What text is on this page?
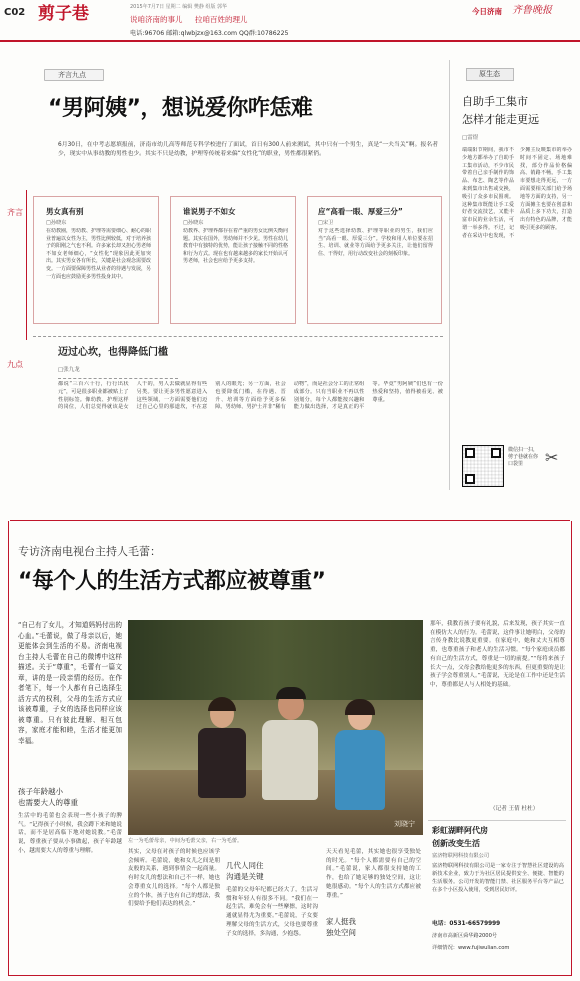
C02 剪子巷	2015年7月7日 星期二 编辑 樊静 组版 郭华
说咱济南的事儿 拉咱百姓的理儿
电话:96706 邮箱:qlwbjzx@163.com QQ群:10786225
今日济南 齐鲁晚报
齐言九点
“男阿姨”，想说爱你咋恁难
6月30日，在中考志愿填报前，济南市幼儿高等师范专科学校进行了面试，首日有300人前来测试，其中只有一个男生，真是“一夫当关”啊。报名者少，现实中从事幼教的男性也少。其实不只是幼教，护理等传统着来偏“女性化”的职业，男性都很紧俏。
齐言
九点
男女真有别
□孙晓东
在幼教圈，男幼教、护理等需要细心、耐心的职业普遍以女性为主，男性比例较低，对于培养孩子的阳刚之气也不利。许多家长却又担心男老师不如女老师细心，“女性化”现象因此更加突出。其实男女各有所长，关键是社会观念需要改变。一方面要保障男性从业者的待遇与发展，另一方面也应鼓励更多男性投身其中。
谁说男子不如女
□孙晓东
幼教界、护理界都存在着严重的男女比例失衡问题。其实在国外，男幼师并不少见。男性在幼儿教育中有独特的优势，能让孩子接触不同的性格和行为方式。现在也有越来越多的家长开始认可男老师，社会也应给予更多支持。
应“高看一眼、厚爱三分”
□宋卫
对于这些选择幼教、护理等职业的男生，我们应当“高看一眼、厚爱三分”。学校和用人单位要在招生、培训、就业等方面给予更多关注，让他们留得住、干得好，用行动改变社会的刻板印象。
迈过心坎，也得降低门槛
□张九龙
都说“三百六十行，行行出状元”，可是很多职业都被贴上了性别标签。像幼教、护理这样的岗位，人们总觉得就该是女人干的，男人去做就显得有些另类。要让更多男性愿意进入这些领域，一方面需要他们迈过自己心里的那道坎，不在意别人的眼光；另一方面，社会也要降低门槛，在待遇、晋升、培训等方面给予更多保障。男幼师、男护士并非“稀有动物”，而是社会分工的正常组成部分。只有当职业不再以性别划分，每个人都能按兴趣和能力做出选择，才是真正的平等。毕竟“男阿姨”们也有一份热爱和坚持，值得被看见、被尊重。
原生态
自助手工集市
怎样才能走更远
□雷煜
端端阳节期间，我市不少地方都举办了自助手工集市活动，不少市民带着自己亲手制作的饰品、布艺、陶艺等作品来到集市出售或交换，吸引了众多市民围观。这种集市既能让手工爱好者交流技艺，又能丰富市民的业余生活，可谓一举多得。不过，记者在采访中也发现，不少摊主反映集市的举办时间不固定、场地难找，部分作品价格偏高、销路不畅。手工集市要想走得更远，一方面需要相关部门给予场地等方面的支持，另一方面摊主也要在创意和品质上多下功夫，打造出有特色的品牌，才能吸引更多的顾客。
微信扫一扫，剪子巷就在你口袋里	✂
专访济南电视台主持人毛蕾：
“每个人的生活方式都应被尊重”
“自己有了女儿，才知道妈妈付出的心血。”毛蕾说，做了母亲以后，她更能体会到生活的不易。济南电视台主持人毛蕾在自己的微博中这样描述。关于“尊重”，毛蕾有一篇文章，讲的是一段亲情的经历。在作者笔下，每一个人都有自己选择生活方式的权利，父母的生活方式应该被尊重，子女的选择也同样应该被尊重。只有彼此理解、相互包容，家庭才能和睦，生活才能更加幸福。
刘晓宁
左一为毛蕾母亲，中间为毛蕾父亲，右一为毛蕾。
那年，我教育孩子要有礼貌，后来发现，孩子其实一直在模仿大人的行为。毛蕾说，这件事让她明白，父母的言传身教比说教更重要。在家庭中，她和丈夫互相尊重，也尊重孩子和老人的生活习惯。“每个家庭成员都有自己的生活方式，尊重是一切的前提。”“每将来孩子长大一点，父母会教给他更多的东西，但更重要的是让孩子学会尊重别人。”毛蕾说，无论是在工作中还是生活中，尊重都是人与人相处的基础。
（记者 王倩 杜杜）
孩子年龄越小
也需要大人的尊重
生活中的毛蕾也会表现一些小孩子的脾气。“记得孩子小时候，我会蹲下来和她说话，而不是居高临下地对她说教。”毛蕾说，尊重孩子要从小事做起，孩子年龄越小，越需要大人的尊重与理解。	其实，父母在对孩子的时候也应该学会倾听。毛蕾说，她和女儿之间是朋友般的关系，遇到事情会一起商量。有时女儿的想法和自己不一样，她也会尊重女儿的选择。“每个人都是独立的个体，孩子也有自己的想法，我们要给予他们表达的机会。”
几代人同住
沟通是关键
毛蕾的父母年纪都已经大了，生活习惯和年轻人有很多不同。“我们在一起生活，难免会有一些摩擦，这时沟通就显得尤为重要。”毛蕾说，子女要理解父母的生活方式，父母也要尊重子女的选择，多沟通，少抱怨。
家人挺我
独处空间
天天看见毛蕾，其实她也很享受独处的时光。“每个人都需要有自己的空间。”毛蕾说，家人都很支持她的工作，也给了她足够的独处空间，这让她很感动。“每个人的生活方式都应被尊重。”
彩虹湖畔阿代房
创新改变生活
富济物联网科技有限公司
富济物联网科技有限公司是一家专注于智慧社区建设的高新技术企业，致力于为社区居民提供安全、便捷、智能的生活服务。公司开发的智能门禁、社区服务平台等产品已在多个小区投入使用，受到居民好评。
电话：0531-66579999
济南市高新区舜华路2000号
详细情况：www.fujiwulian.com
